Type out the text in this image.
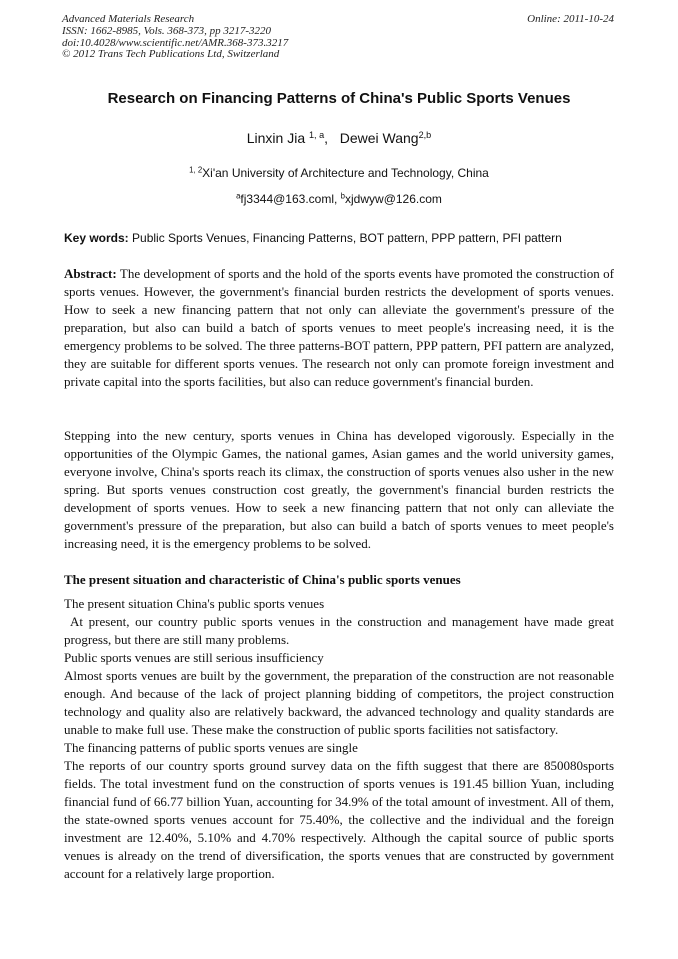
Advanced Materials Research
ISSN: 1662-8985, Vols. 368-373, pp 3217-3220
doi:10.4028/www.scientific.net/AMR.368-373.3217
© 2012 Trans Tech Publications Ltd, Switzerland
Online: 2011-10-24
Research on Financing Patterns of China's Public Sports Venues
Linxin Jia $^{1, a}$, Dewei Wang$^{2,b}$
$^{1, 2}$Xi'an University of Architecture and Technology, China
$^a$fj3344@163.coml, $^b$xjdwyw@126.com
Key words: Public Sports Venues, Financing Patterns, BOT pattern, PPP pattern, PFI pattern
Abstract: The development of sports and the hold of the sports events have promoted the construction of sports venues. However, the government's financial burden restricts the development of sports venues. How to seek a new financing pattern that not only can alleviate the government's pressure of the preparation, but also can build a batch of sports venues to meet people's increasing need, it is the emergency problems to be solved. The three patterns-BOT pattern, PPP pattern, PFI pattern are analyzed, they are suitable for different sports venues. The research not only can promote foreign investment and private capital into the sports facilities, but also can reduce government's financial burden.
Stepping into the new century, sports venues in China has developed vigorously. Especially in the opportunities of the Olympic Games, the national games, Asian games and the world university games, everyone involve, China's sports reach its climax, the construction of sports venues also usher in the new spring. But sports venues construction cost greatly, the government's financial burden restricts the development of sports venues. How to seek a new financing pattern that not only can alleviate the government's pressure of the preparation, but also can build a batch of sports venues to meet people's increasing need, it is the emergency problems to be solved.
The present situation and characteristic of China's public sports venues

The present situation China's public sports venues

At present, our country public sports venues in the construction and management have made great progress, but there are still many problems.

Public sports venues are still serious insufficiency

Almost sports venues are built by the government, the preparation of the construction are not reasonable enough. And because of the lack of project planning bidding of competitors, the project construction technology and quality also are relatively backward, the advanced technology and quality standards are unable to make full use. These make the construction of public sports facilities not satisfactory.

The financing patterns of public sports venues are single

The reports of our country sports ground survey data on the fifth suggest that there are 850080sports fields. The total investment fund on the construction of sports venues is 191.45 billion Yuan, including financial fund of 66.77 billion Yuan, accounting for 34.9% of the total amount of investment. All of them, the state-owned sports venues account for 75.40%, the collective and the individual and the foreign investment are 12.40%, 5.10% and 4.70% respectively. Although the capital source of public sports venues is already on the trend of diversification, the sports venues that are constructed by government account for a relatively large proportion.
